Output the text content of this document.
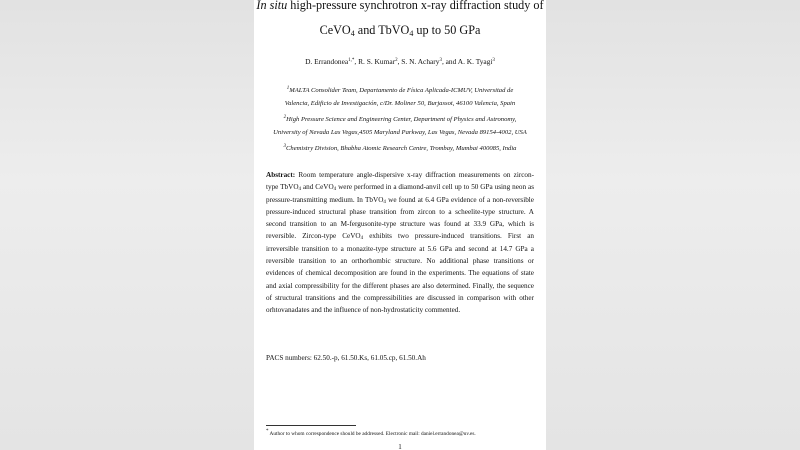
In situ high-pressure synchrotron x-ray diffraction study of
CeVO$_4$ and TbVO$_4$ up to 50 GPa
D. Errandonea$^{1,*}$, R. S. Kumar$^2$, S. N. Achary$^3$, and A. K. Tyagi$^3$
$^1$MALTA Consolider Team, Departamento de Física Aplicada-ICMUV, Universitad de
Valencia, Edificio de Investigación, c/Dr. Moliner 50, Burjassot, 46100 Valencia, Spain
$^2$High Pressure Science and Engineering Center, Department of Physics and Astronomy,
University of Nevada Las Vegas,4505 Maryland Parkway, Las Vegas, Nevada 89154-4002, USA
$^3$Chemistry Division, Bhabha Atomic Research Centre, Trombay, Mumbai 400085, India
Abstract: Room temperature angle-dispersive x-ray diffraction measurements on zircon-type TbVO$_4$ and CeVO$_4$ were performed in a diamond-anvil cell up to 50 GPa using neon as pressure-transmitting medium. In TbVO$_4$ we found at 6.4 GPa evidence of a non-reversible pressure-induced structural phase transition from zircon to a scheelite-type structure. A second transition to an M-fergusonite-type structure was found at 33.9 GPa, which is reversible. Zircon-type CeVO$_4$ exhibits two pressure-induced transitions. First an irreversible transition to a monazite-type structure at 5.6 GPa and second at 14.7 GPa a reversible transition to an orthorhombic structure. No additional phase transitions or evidences of chemical decomposition are found in the experiments. The equations of state and axial compressibility for the different phases are also determined. Finally, the sequence of structural transitions and the compressibilities are discussed in comparison with other orhtovanadates and the influence of non-hydrostaticity commented.
PACS numbers: 62.50.-p, 61.50.Ks, 61.05.cp, 61.50.Ah
* Author to whom correspondence should be addressed. Electronic mail: daniel.errandonea@uv.es.
1
